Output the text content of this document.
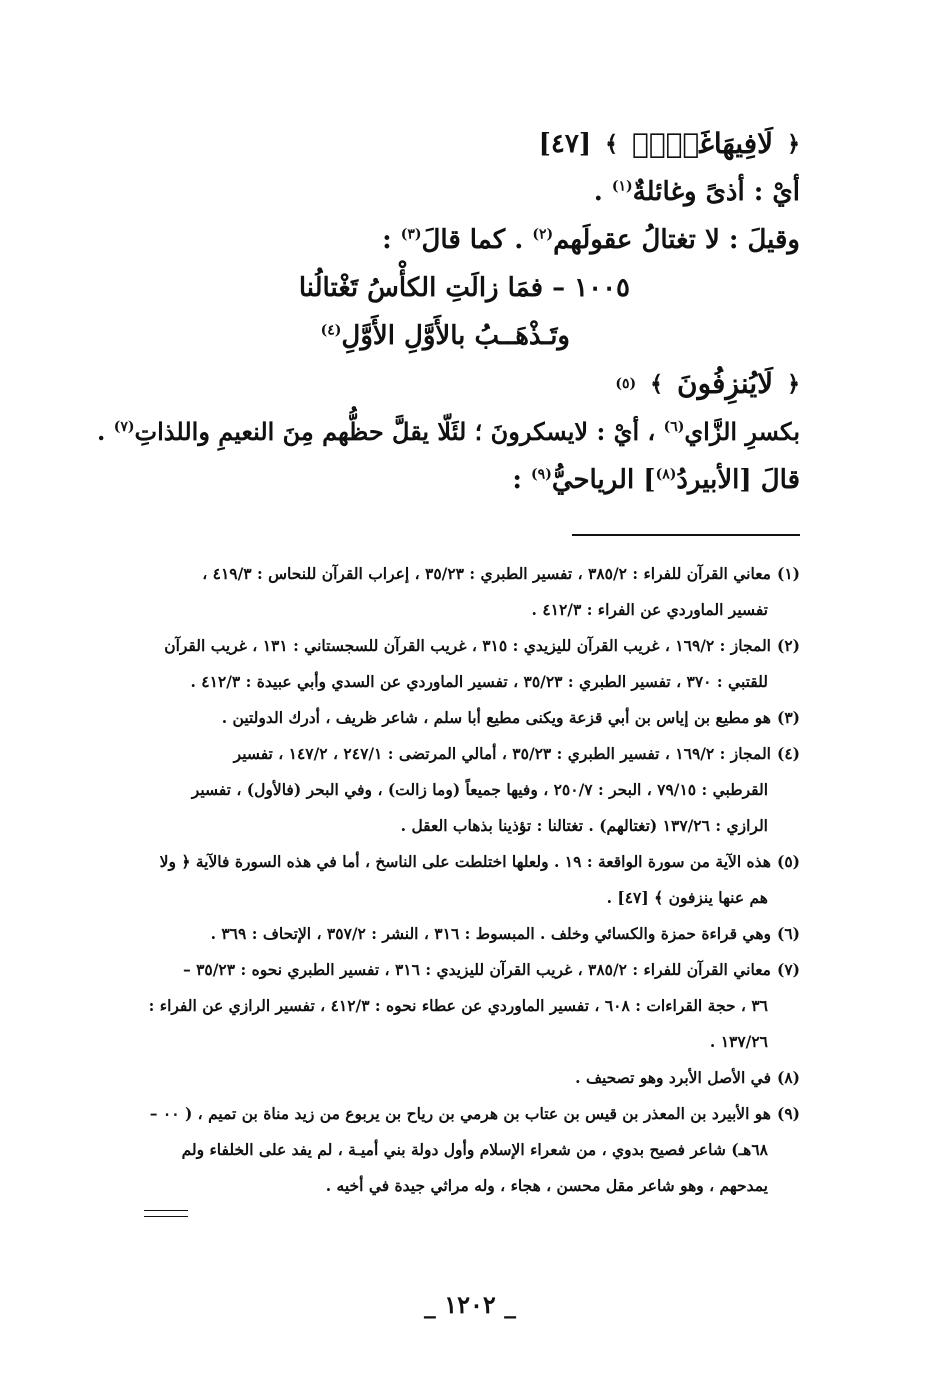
﴿
لَافِيهَاغَوۡلٞ
﴾
[٤٧]
أيْ : أذىً وغائلةٌ$^{(١)}$ .
وقيلَ : لا تغتالُ عقولَهم$^{(٢)}$ . كما قالَ$^{(٣)}$ :
١٠٠٥ – فمَا زالَتِ الكأْسُ تَغْتالُنا
وتَـذْهَــبُ بالأَوَّلِ الأَوَّلِ$^{(٤)}$
﴿
لَايُنزِفُونَ
﴾
(٥)
بكسرِ الزَّاي$^{(٦)}$ ، أيْ : لايسكرونَ ؛ لئَلّا يقلَّ حظُّهم مِنَ النعيمِ واللذاتِ$^{(٧)}$ .
قالَ [الأبيردُ$^{(٨)}$] الرياحيُّ$^{(٩)}$ :
(١)معاني القرآن للفراء : ٣٨٥/٢ ، تفسير الطبري : ٣٥/٢٣ ، إعراب القرآن للنحاس : ٤١٩/٣ ،
تفسير الماوردي عن الفراء : ٤١٢/٣ .
(٢)المجاز : ١٦٩/٢ ، غريب القرآن لليزيدي : ٣١٥ ، غريب القرآن للسجستاني : ١٣١ ، غريب القرآن
للقتبي : ٣٧٠ ، تفسير الطبري : ٣٥/٢٣ ، تفسير الماوردي عن السدي وأبي عبيدة : ٤١٢/٣ .
(٣)هو مطيع بن إياس بن أبي قزعة ويكنى مطيع أبا سلم ، شاعر ظريف ، أدرك الدولتين .
(٤)المجاز : ١٦٩/٢ ، تفسير الطبري : ٣٥/٢٣ ، أمالي المرتضى : ٢٤٧/١ ، ١٤٧/٢ ، تفسير
القرطبي : ٧٩/١٥ ، البحر : ٢٥٠/٧ ، وفيها جميعاً (وما زالت) ، وفي البحر (فالأول) ، تفسير
الرازي : ١٣٧/٢٦ (تغتالهم) . تغتالنا : تؤذينا بذهاب العقل .
(٥)هذه الآية من سورة الواقعة : ١٩ . ولعلها اختلطت على الناسخ ، أما في هذه السورة فالآية ﴿ ولا
هم عنها ينزفون ﴾ [٤٧] .
(٦)وهي قراءة حمزة والكسائي وخلف . المبسوط : ٣١٦ ، النشر : ٣٥٧/٢ ، الإتحاف : ٣٦٩ .
(٧)معاني القرآن للفراء : ٣٨٥/٢ ، غريب القرآن لليزيدي : ٣١٦ ، تفسير الطبري نحوه : ٣٥/٢٣ –
٣٦ ، حجة القراءات : ٦٠٨ ، تفسير الماوردي عن عطاء نحوه : ٤١٢/٣ ، تفسير الرازي عن الفراء :
١٣٧/٢٦ .
(٨)في الأصل الأبرد وهو تصحيف .
(٩)هو الأبيرد بن المعذر بن قيس بن عتاب بن هرمي بن رياح بن يربوع من زيد مناة بن تميم ، ( ٠٠ –
٦٨هـ) شاعر فصيح بدوي ، من شعراء الإسلام وأول دولة بني أميـة ، لم يفد على الخلفاء ولم
يمدحهم ، وهو شاعر مقل محسن ، هجاء ، وله مراثي جيدة في أخيه .
_ ١٢٠٢ _
